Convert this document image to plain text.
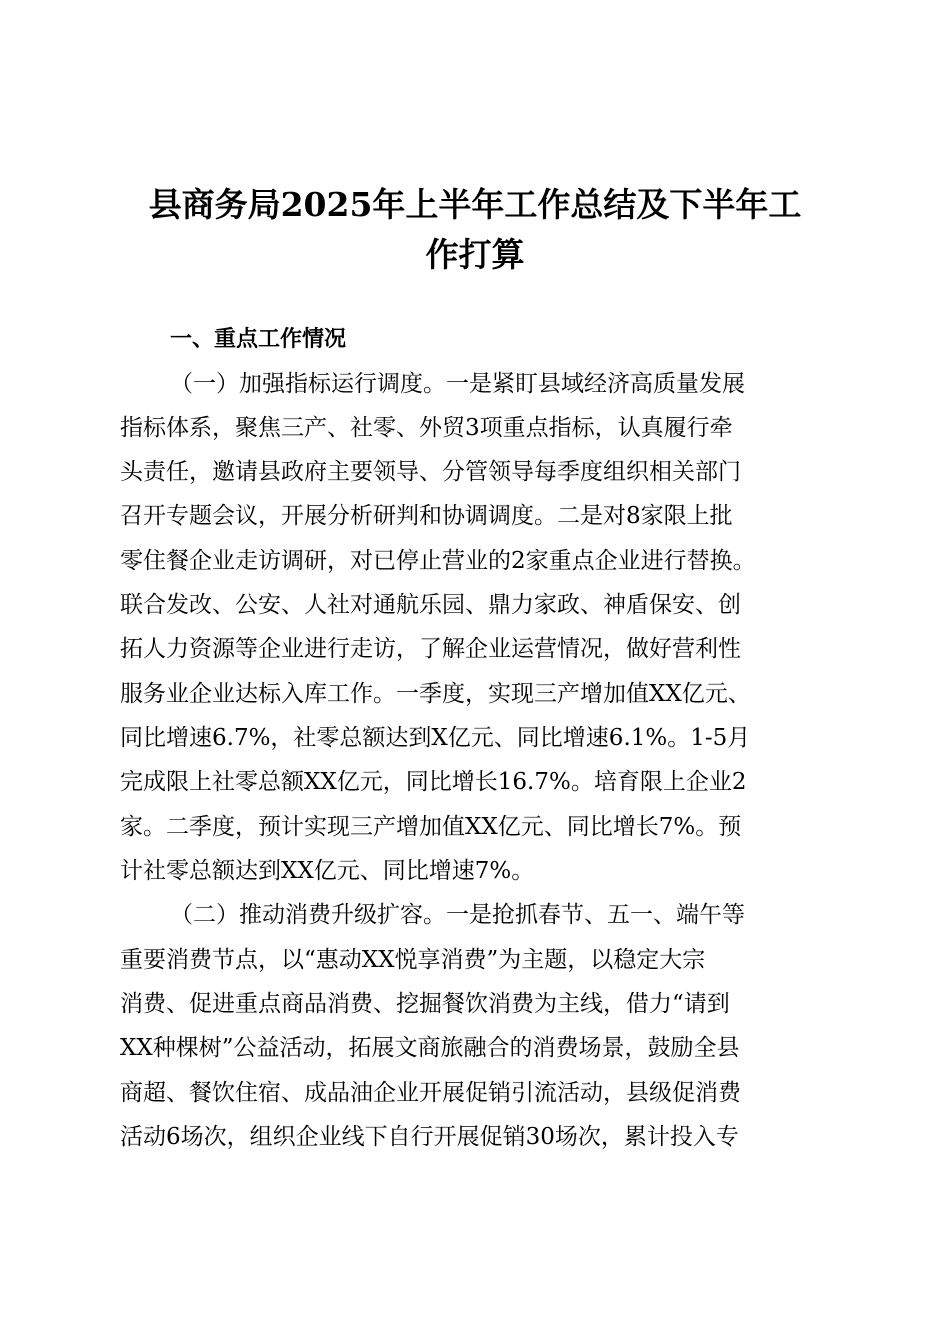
县商务局2025年上半年工作总结及下半年工
作打算
一、重点工作情况

（一）加强指标运行调度。一是紧盯县域经济高质量发展

指标体系，聚焦三产、社零、外贸3项重点指标，认真履行牵

头责任，邀请县政府主要领导、分管领导每季度组织相关部门

召开专题会议，开展分析研判和协调调度。二是对8家限上批

零住餐企业走访调研，对已停止营业的2家重点企业进行替换。

联合发改、公安、人社对通航乐园、鼎力家政、神盾保安、创

拓人力资源等企业进行走访，了解企业运营情况，做好营利性

服务业企业达标入库工作。一季度，实现三产增加值XX亿元、

同比增速6.7%，社零总额达到X亿元、同比增速6.1%。1-5月

完成限上社零总额XX亿元，同比增长16.7%。培育限上企业2

家。二季度，预计实现三产增加值XX亿元、同比增长7%。预

计社零总额达到XX亿元、同比增速7%。

（二）推动消费升级扩容。一是抢抓春节、五一、端午等

重要消费节点，以“惠动XX悦享消费”为主题，以稳定大宗

消费、促进重点商品消费、挖掘餐饮消费为主线，借力“请到

XX种棵树”公益活动，拓展文商旅融合的消费场景，鼓励全县

商超、餐饮住宿、成品油企业开展促销引流活动，县级促消费

活动6场次，组织企业线下自行开展促销30场次，累计投入专
